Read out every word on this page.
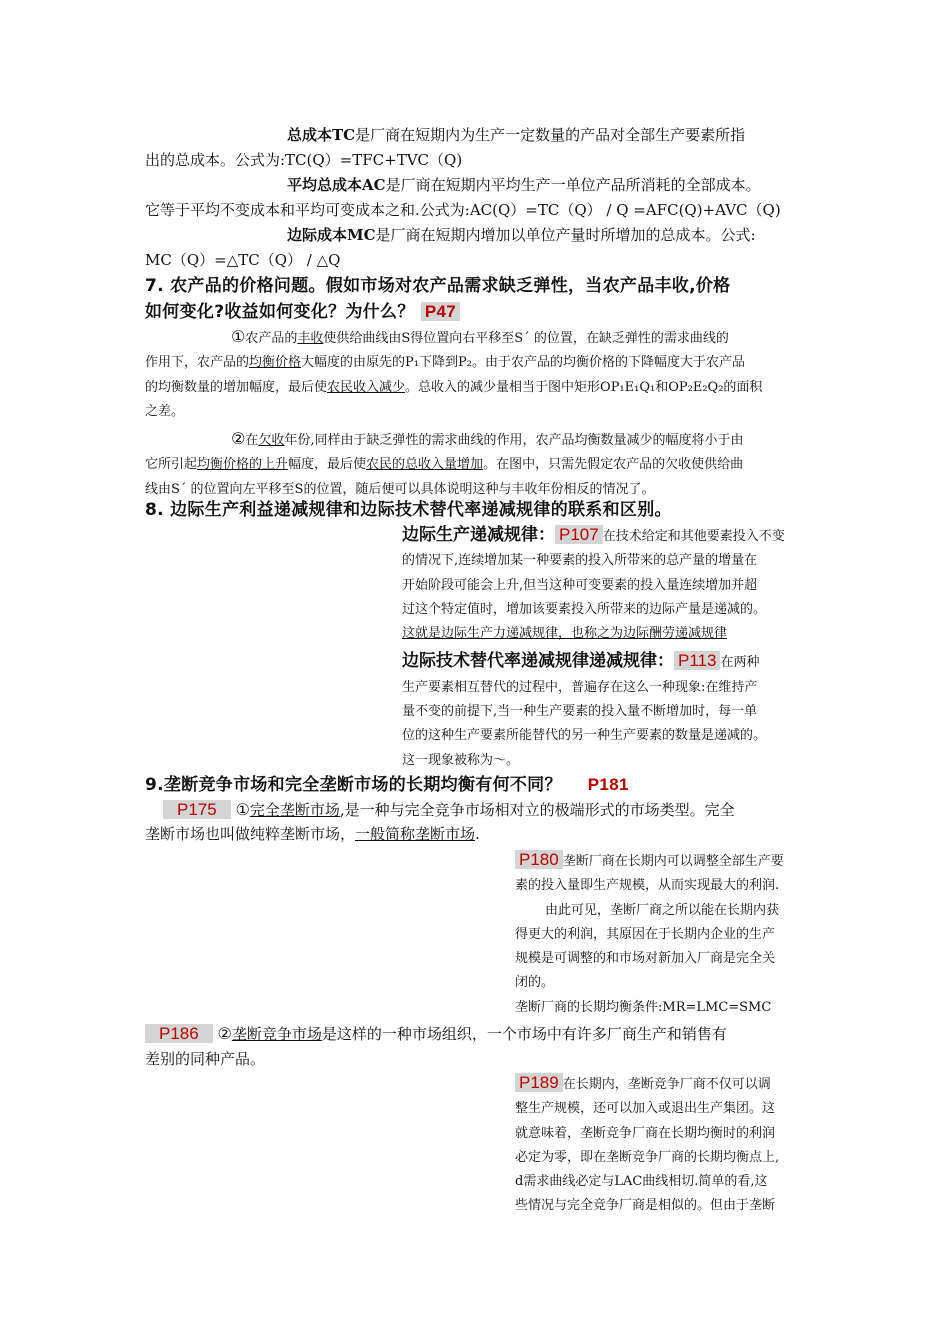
总成本TC是厂商在短期内为生产一定数量的产品对全部生产要素所指

出的总成本。公式为:TC(Q）=TFC+TVC（Q)

平均总成本AC是厂商在短期内平均生产一单位产品所消耗的全部成本。

它等于平均不变成本和平均可变成本之和.公式为:AC(Q）=TC（Q） / Q =AFC(Q)+AVC（Q)

边际成本MC是厂商在短期内增加以单位产量时所增加的总成本。公式:

MC（Q）=△TC（Q） / △Q

7. 农产品的价格问题。假如市场对农产品需求缺乏弹性，当农产品丰收,价格

如何变化?收益如何变化？为什么？ P47

①农产品的丰收使供给曲线由S得位置向右平移至S´ 的位置，在缺乏弹性的需求曲线的

作用下，农产品的均衡价格大幅度的由原先的P₁下降到P₂。由于农产品的均衡价格的下降幅度大于农产品

的均衡数量的增加幅度，最后使农民收入减少。总收入的减少量相当于图中矩形OP₁E₁Q₁和OP₂E₂Q₂的面积

之差。

②在欠收年份,同样由于缺乏弹性的需求曲线的作用，农产品均衡数量减少的幅度将小于由

它所引起均衡价格的上升幅度，最后使农民的总收入量增加。在图中，只需先假定农产品的欠收使供给曲

线由S´ 的位置向左平移至S的位置，随后便可以具体说明这种与丰收年份相反的情况了。

8. 边际生产利益递减规律和边际技术替代率递减规律的联系和区别。

边际生产递减规律： P107 在技术给定和其他要素投入不变

的情况下,连续增加某一种要素的投入所带来的总产量的增量在

开始阶段可能会上升,但当这种可变要素的投入量连续增加并超

过这个特定值时，增加该要素投入所带来的边际产量是递减的。

这就是边际生产力递减规律，也称之为边际酬劳递减规律

边际技术替代率递减规律递减规律： P113 在两种

生产要素相互替代的过程中，普遍存在这么一种现象:在维持产

量不变的前提下,当一种生产要素的投入量不断增加时，每一单

位的这种生产要素所能替代的另一种生产要素的数量是递减的。

这一现象被称为～。

9.垄断竞争市场和完全垄断市场的长期均衡有何不同？ P181

P175 ①完全垄断市场,是一种与完全竞争市场相对立的极端形式的市场类型。完全

垄断市场也叫做纯粹垄断市场，一般简称垄断市场.

P180 垄断厂商在长期内可以调整全部生产要

素的投入量即生产规模，从而实现最大的利润.

由此可见，垄断厂商之所以能在长期内获

得更大的利润，其原因在于长期内企业的生产

规模是可调整的和市场对新加入厂商是完全关

闭的。

垄断厂商的长期均衡条件:MR=LMC=SMC

P186 ②垄断竞争市场是这样的一种市场组织，一个市场中有许多厂商生产和销售有

差别的同种产品。

P189 在长期内，垄断竞争厂商不仅可以调

整生产规模，还可以加入或退出生产集团。这

就意味着，垄断竞争厂商在长期均衡时的利润

必定为零，即在垄断竞争厂商的长期均衡点上,

d需求曲线必定与LAC曲线相切.简单的看,这

些情况与完全竞争厂商是相似的。但由于垄断
